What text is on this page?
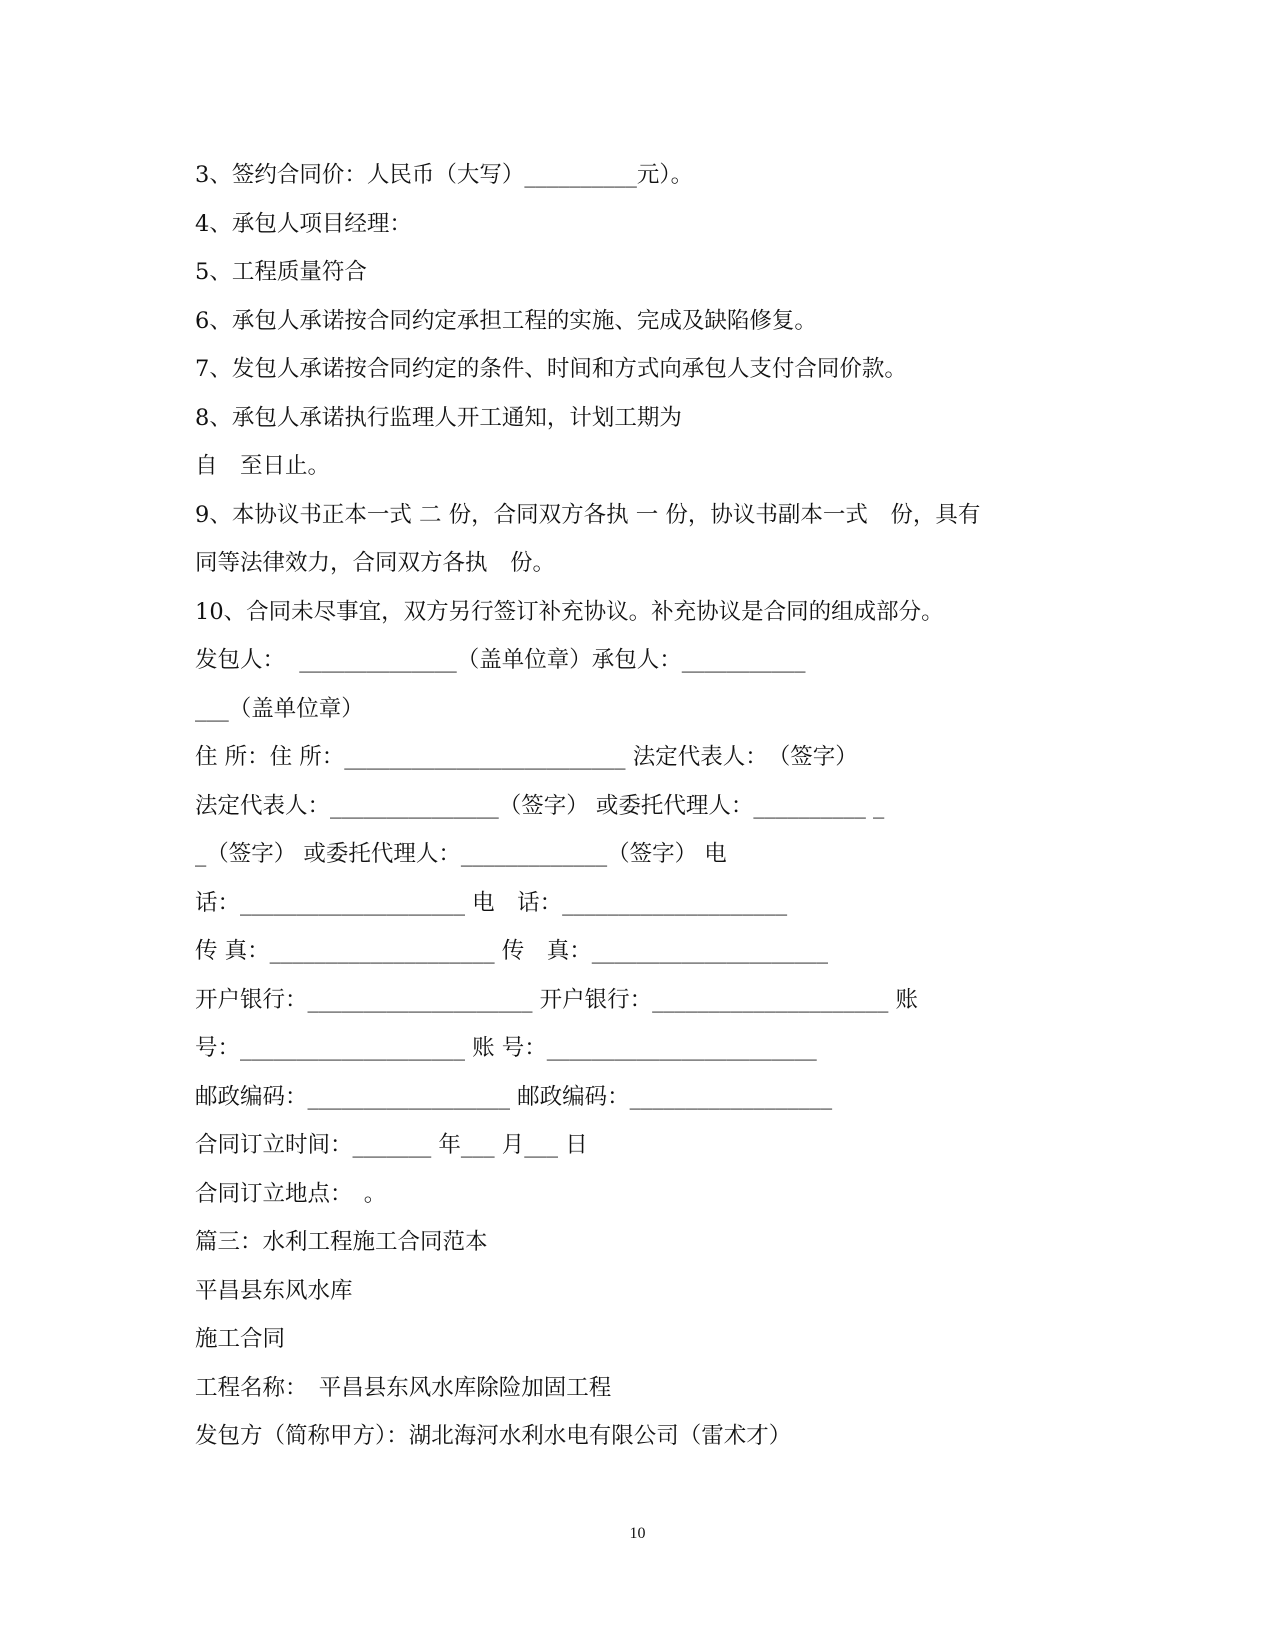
3、签约合同价：人民币（大写）__________元）。
4、承包人项目经理：
5、工程质量符合
6、承包人承诺按合同约定承担工程的实施、完成及缺陷修复。
7、发包人承诺按合同约定的条件、时间和方式向承包人支付合同价款。
8、承包人承诺执行监理人开工通知，计划工期为
自　至日止。
9、本协议书正本一式 二 份，合同双方各执 一 份，协议书副本一式　份，具有
同等法律效力，合同双方各执　份。
10、合同未尽事宜，双方另行签订补充协议。补充协议是合同的组成部分。
发包人：  ______________（盖单位章）承包人：___________
___（盖单位章）
住 所：住 所：_________________________ 法定代表人：　（签字）
法定代表人：_______________（签字） 或委托代理人：__________ _
_（签字） 或委托代理人：_____________（签字） 电
话：____________________ 电　话：____________________
传 真：____________________ 传　真：_____________________
开户银行：____________________ 开户银行：_____________________ 账
号：____________________ 账 号：________________________
邮政编码：__________________ 邮政编码：__________________
合同订立时间：_______ 年___ 月___ 日
合同订立地点：　。
篇三：水利工程施工合同范本
平昌县东风水库
施工合同
工程名称：　平昌县东风水库除险加固工程
发包方（简称甲方）：湖北海河水利水电有限公司（雷术才）
10
